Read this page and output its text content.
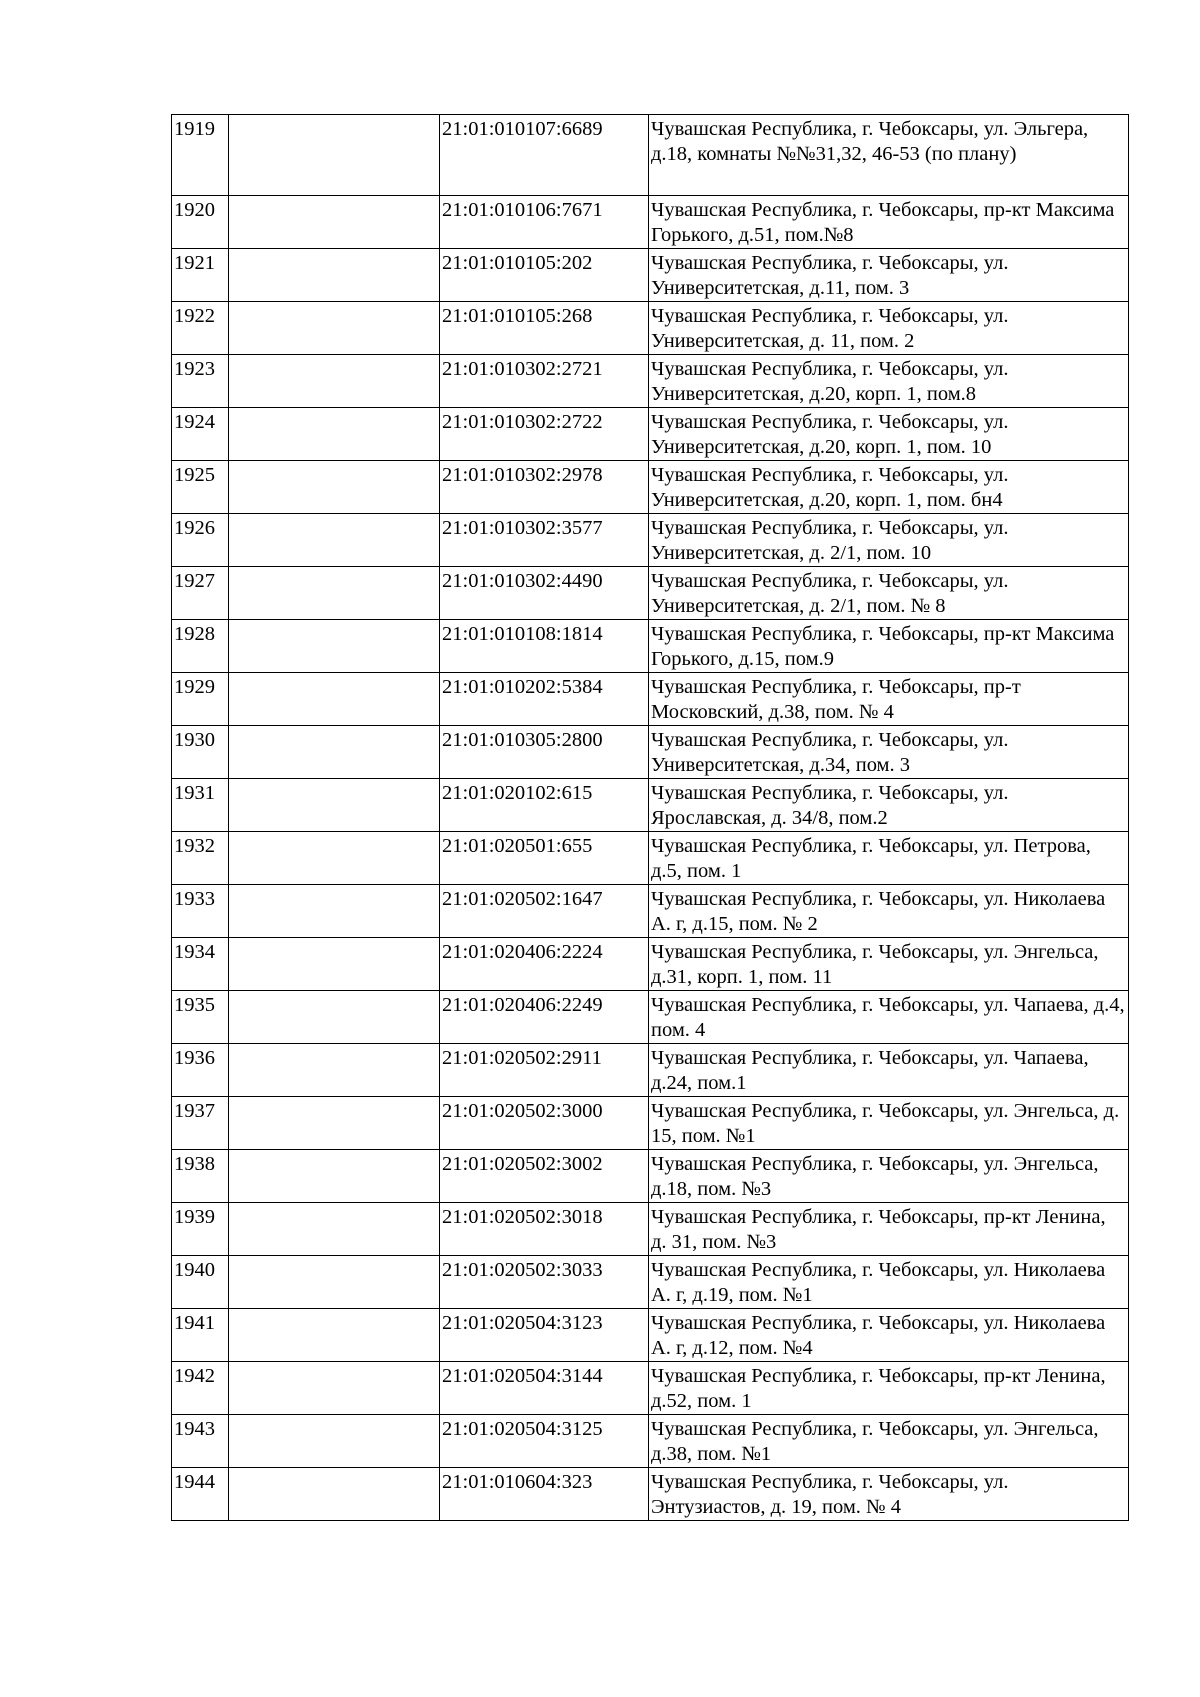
1919		21:01:010107:6689	Чувашская Республика, г. Чебоксары, ул. Эльгера, д.18, комнаты №№31,32, 46-53 (по плану)
1920		21:01:010106:7671	Чувашская Республика, г. Чебоксары, пр-кт Максима Горького, д.51, пом.№8
1921		21:01:010105:202	Чувашская Республика, г. Чебоксары, ул. Университетская, д.11, пом. 3
1922		21:01:010105:268	Чувашская Республика, г. Чебоксары, ул. Университетская, д. 11, пом. 2
1923		21:01:010302:2721	Чувашская Республика, г. Чебоксары, ул. Университетская, д.20, корп. 1, пом.8
1924		21:01:010302:2722	Чувашская Республика, г. Чебоксары, ул. Университетская, д.20, корп. 1, пом. 10
1925		21:01:010302:2978	Чувашская Республика, г. Чебоксары, ул. Университетская, д.20, корп. 1, пом. бн4
1926		21:01:010302:3577	Чувашская Республика, г. Чебоксары, ул. Университетская, д. 2/1, пом. 10
1927		21:01:010302:4490	Чувашская Республика, г. Чебоксары, ул. Университетская, д. 2/1, пом. № 8
1928		21:01:010108:1814	Чувашская Республика, г. Чебоксары, пр-кт Максима Горького, д.15, пом.9
1929		21:01:010202:5384	Чувашская Республика, г. Чебоксары, пр-т Московский, д.38, пом. № 4
1930		21:01:010305:2800	Чувашская Республика, г. Чебоксары, ул. Университетская, д.34, пом. 3
1931		21:01:020102:615	Чувашская Республика, г. Чебоксары, ул. Ярославская, д. 34/8, пом.2
1932		21:01:020501:655	Чувашская Республика, г. Чебоксары, ул. Петрова, д.5, пом. 1
1933		21:01:020502:1647	Чувашская Республика, г. Чебоксары, ул. Николаева А. г, д.15, пом. № 2
1934		21:01:020406:2224	Чувашская Республика, г. Чебоксары, ул. Энгельса, д.31, корп. 1, пом. 11
1935		21:01:020406:2249	Чувашская Республика, г. Чебоксары, ул. Чапаева, д.4, пом. 4
1936		21:01:020502:2911	Чувашская Республика, г. Чебоксары, ул. Чапаева, д.24, пом.1
1937		21:01:020502:3000	Чувашская Республика, г. Чебоксары, ул. Энгельса, д. 15, пом. №1
1938		21:01:020502:3002	Чувашская Республика, г. Чебоксары, ул. Энгельса, д.18, пом. №3
1939		21:01:020502:3018	Чувашская Республика, г. Чебоксары, пр-кт Ленина, д. 31, пом. №3
1940		21:01:020502:3033	Чувашская Республика, г. Чебоксары, ул. Николаева А. г, д.19, пом. №1
1941		21:01:020504:3123	Чувашская Республика, г. Чебоксары, ул. Николаева А. г, д.12, пом. №4
1942		21:01:020504:3144	Чувашская Республика, г. Чебоксары, пр-кт Ленина, д.52, пом. 1
1943		21:01:020504:3125	Чувашская Республика, г. Чебоксары, ул. Энгельса, д.38, пом. №1
1944		21:01:010604:323	Чувашская Республика, г. Чебоксары, ул. Энтузиастов, д. 19, пом. № 4
